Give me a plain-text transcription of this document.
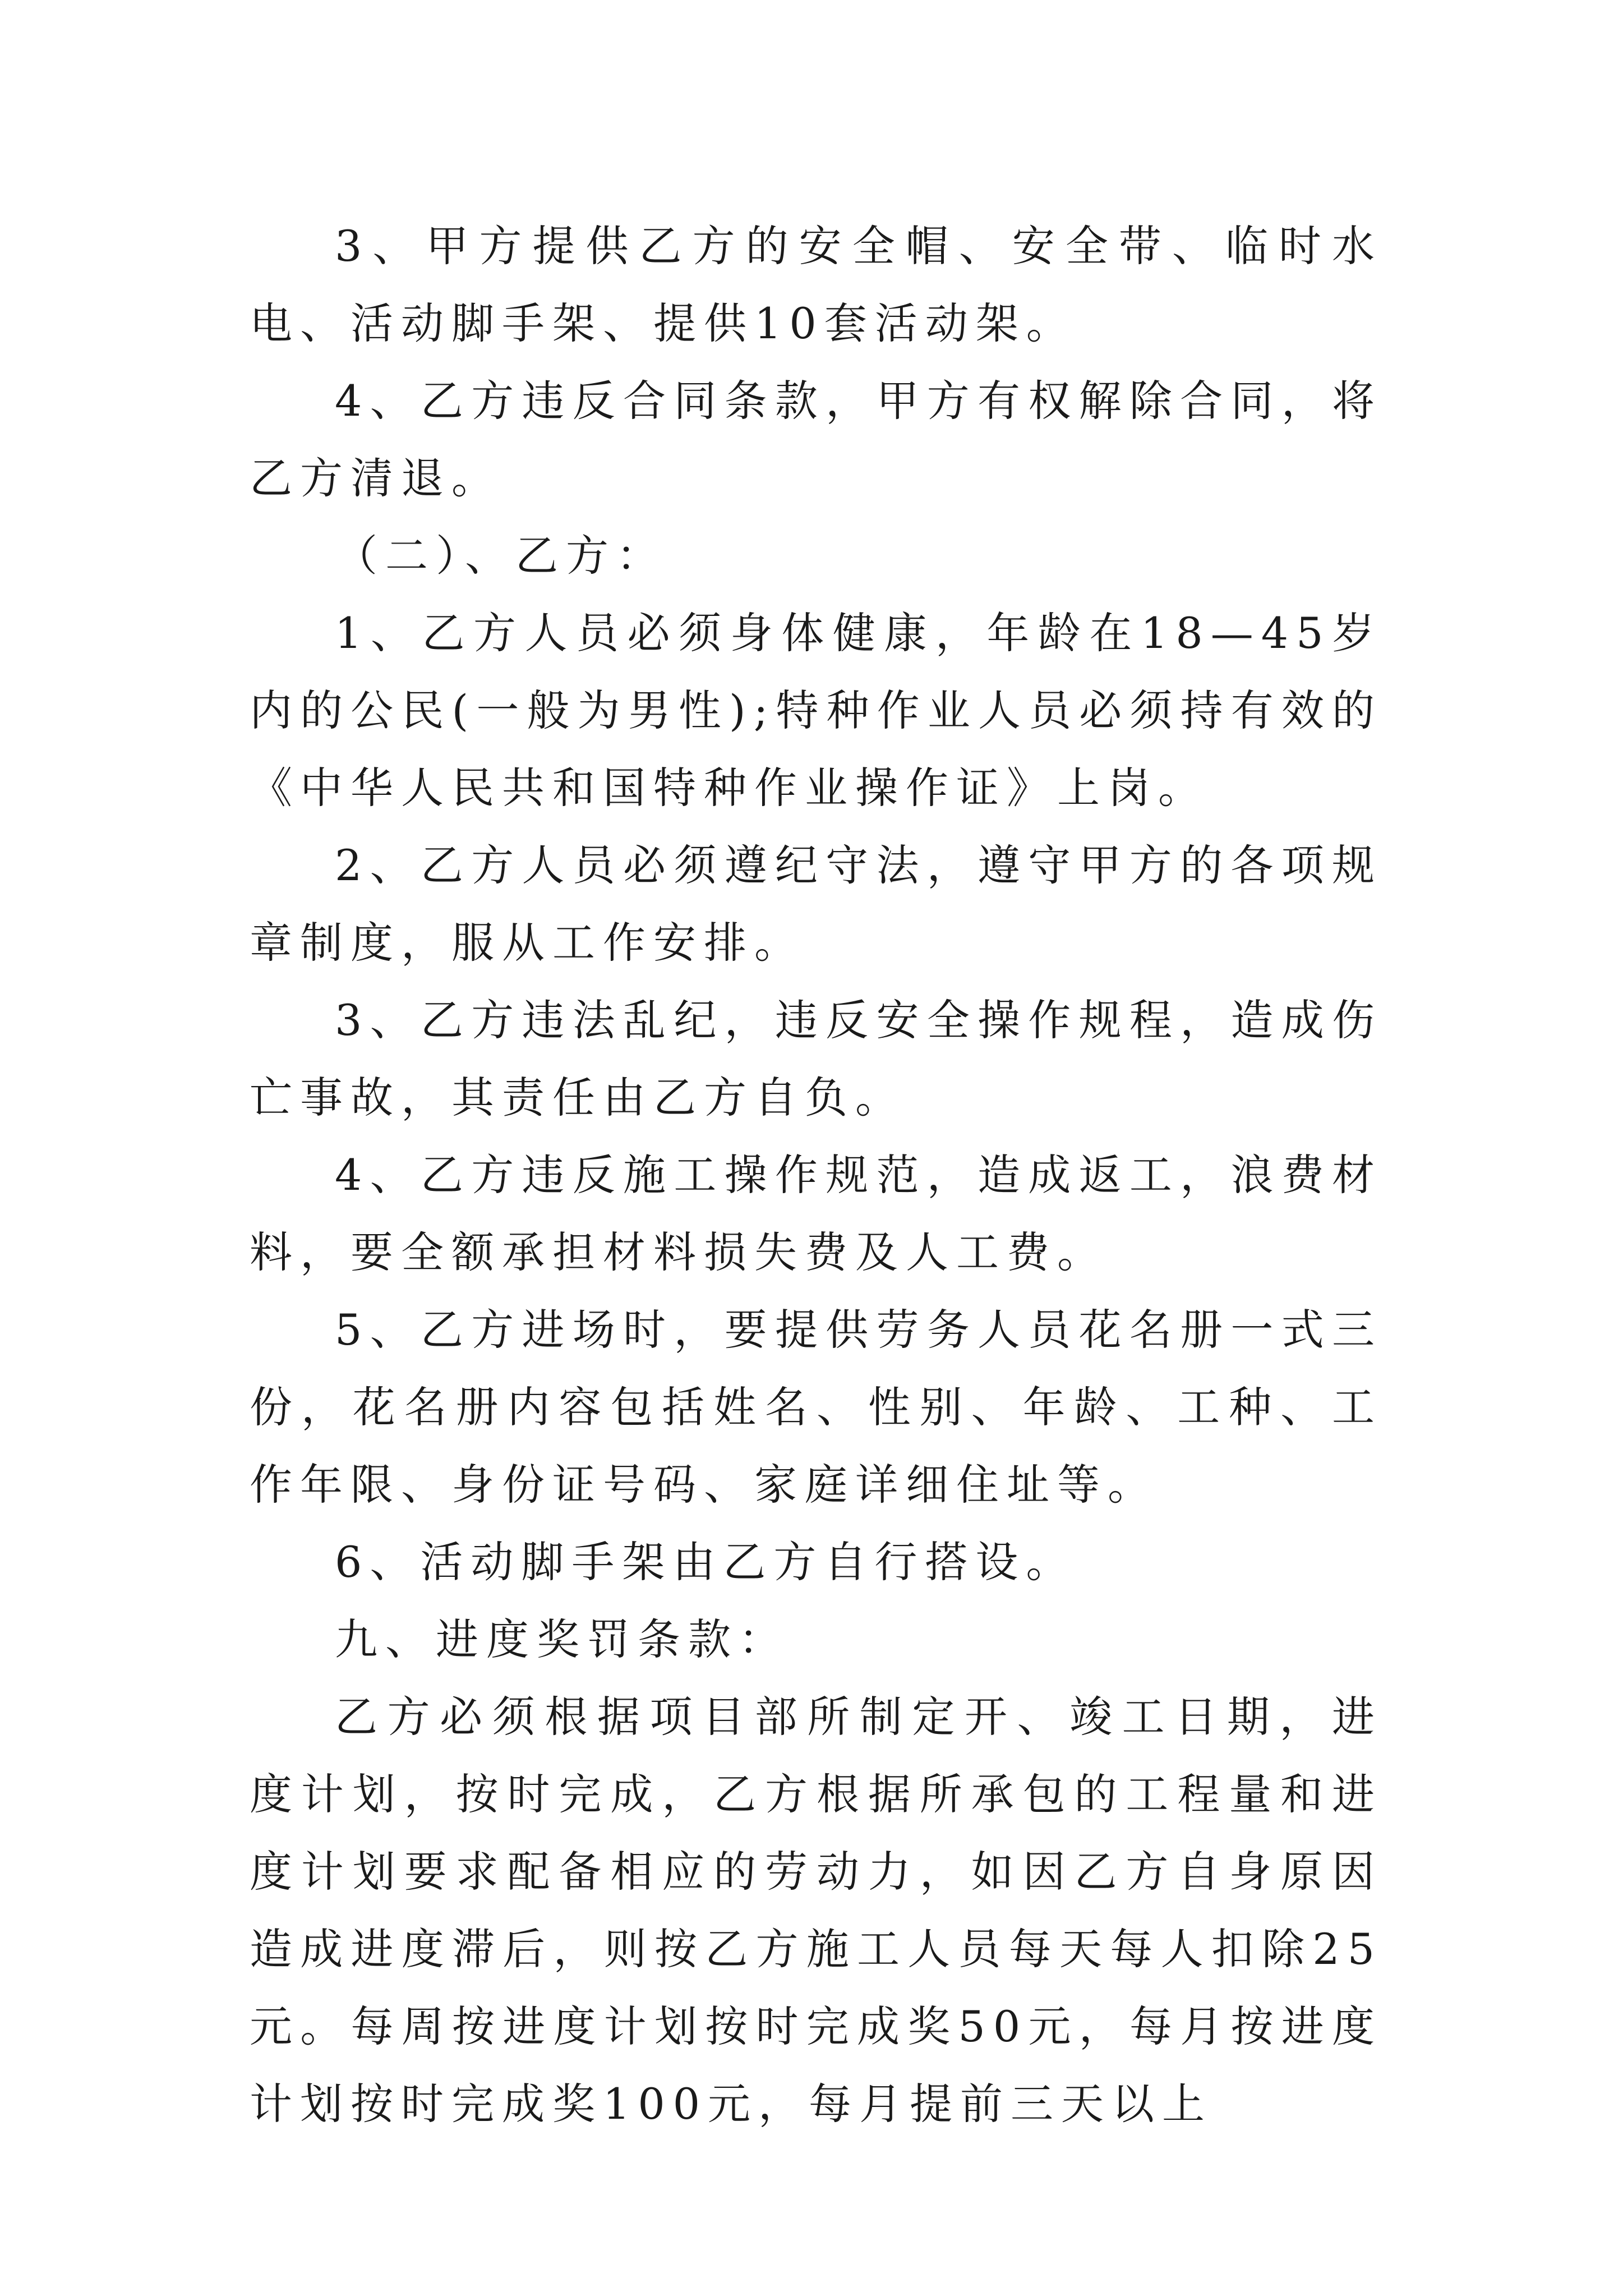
3、甲方提供乙方的安全帽、安全带、临时水电、活动脚手架、提供10套活动架。

4、乙方违反合同条款，甲方有权解除合同，将乙方清退。

（二）、乙方：

1、乙方人员必须身体健康，年龄在18—45岁内的公民(一般为男性);特种作业人员必须持有效的《中华人民共和国特种作业操作证》上岗。

2、乙方人员必须遵纪守法，遵守甲方的各项规章制度，服从工作安排。

3、乙方违法乱纪，违反安全操作规程，造成伤亡事故，其责任由乙方自负。

4、乙方违反施工操作规范，造成返工，浪费材料，要全额承担材料损失费及人工费。

5、乙方进场时，要提供劳务人员花名册一式三份，花名册内容包括姓名、性别、年龄、工种、工作年限、身份证号码、家庭详细住址等。

6、活动脚手架由乙方自行搭设。

九、进度奖罚条款：

乙方必须根据项目部所制定开、竣工日期，进度计划，按时完成，乙方根据所承包的工程量和进度计划要求配备相应的劳动力，如因乙方自身原因造成进度滞后，则按乙方施工人员每天每人扣除25元。每周按进度计划按时完成奖50元，每月按进度计划按时完成奖100元，每月提前三天以上
